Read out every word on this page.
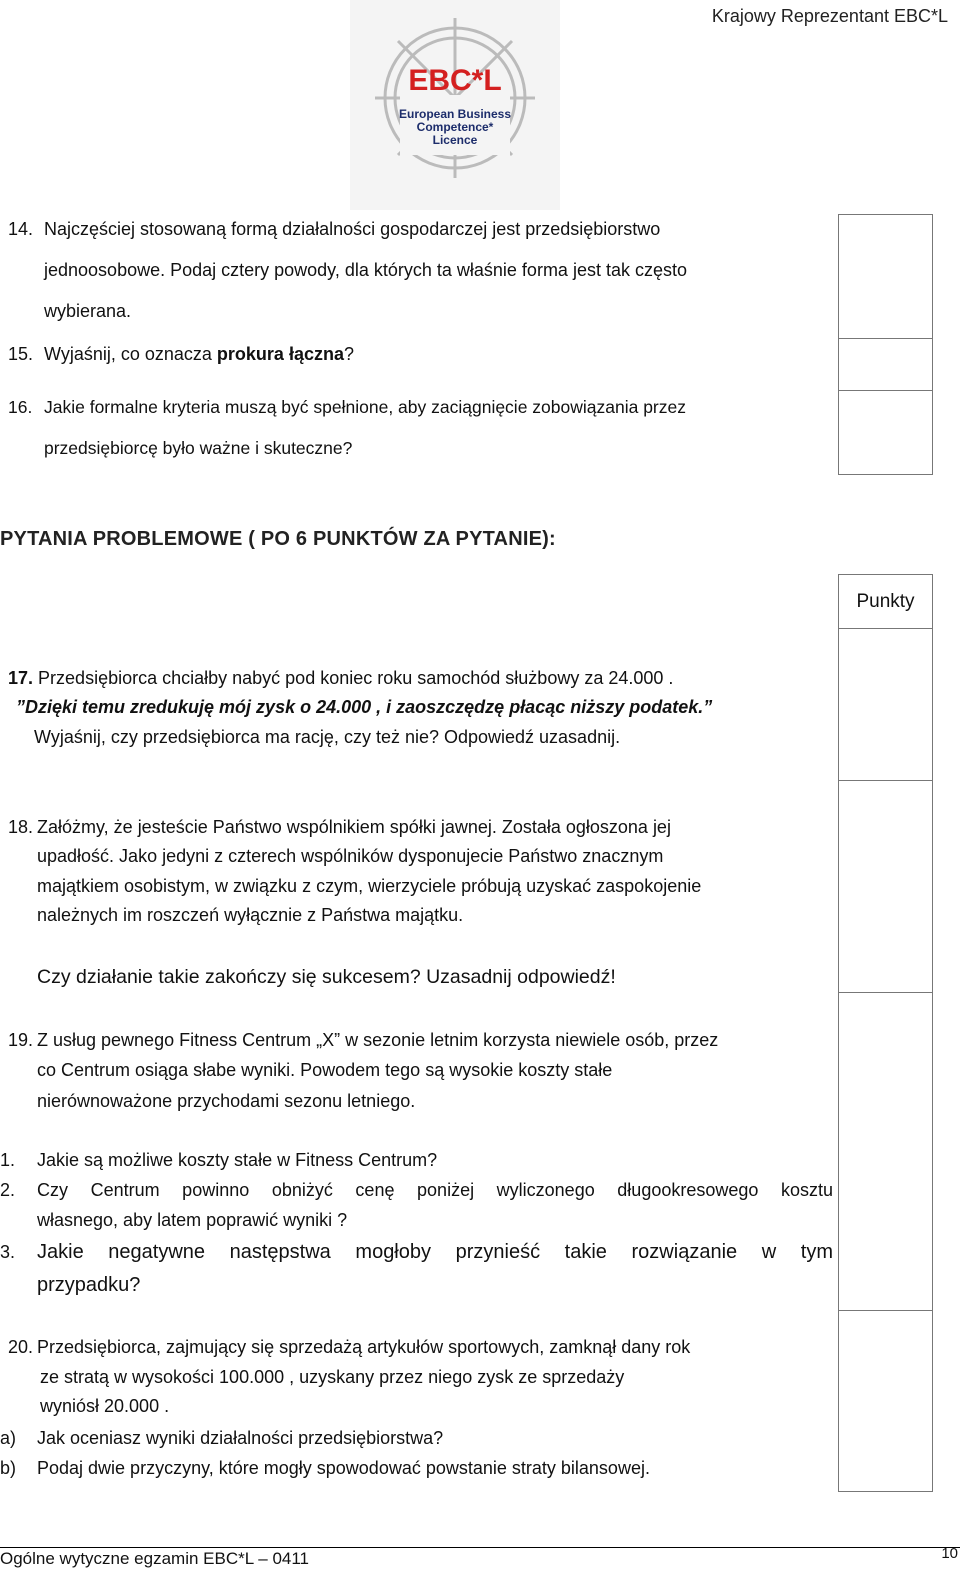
Krajowy Reprezentant EBC*L
EBC*L
European Business
Competence*
Licence
Punkty
14. Najczęściej stosowaną formą działalności gospodarczej jest przedsiębiorstwo
jednoosobowe. Podaj cztery powody, dla których ta właśnie forma jest tak często
wybierana.
15. Wyjaśnij, co oznacza prokura łączna?
16. Jakie formalne kryteria muszą być spełnione, aby zaciągnięcie zobowiązania przez
przedsiębiorcę było ważne i skuteczne?
PYTANIA PROBLEMOWE ( PO 6 PUNKTÓW ZA PYTANIE):
17. Przedsiębiorca chciałby nabyć pod koniec roku samochód służbowy za 24.000 .
”Dzięki temu zredukuję mój zysk o 24.000 , i zaoszczędzę płacąc niższy podatek.”
Wyjaśnij, czy przedsiębiorca ma rację, czy też nie? Odpowiedź uzasadnij.
18. Załóżmy, że jesteście Państwo wspólnikiem spółki jawnej. Została ogłoszona jej
upadłość. Jako jedyni z czterech wspólników dysponujecie Państwo znacznym
majątkiem osobistym, w związku z czym, wierzyciele próbują uzyskać zaspokojenie
należnych im roszczeń wyłącznie z Państwa majątku.
Czy działanie takie zakończy się sukcesem? Uzasadnij odpowiedź!
19. Z usług pewnego Fitness Centrum „X” w sezonie letnim korzysta niewiele osób, przez
co Centrum osiąga słabe wyniki. Powodem tego są wysokie koszty stałe
nierównoważone przychodami sezonu letniego.
1. Jakie są możliwe koszty stałe w Fitness Centrum?
2. Czy Centrum powinno obniżyć cenę poniżej wyliczonego długookresowego kosztu
własnego, aby latem poprawić wyniki ?
3. Jakie negatywne następstwa mogłoby przynieść takie rozwiązanie w tym
przypadku?
20. Przedsiębiorca, zajmujący się sprzedażą artykułów sportowych, zamknął dany rok
ze stratą w wysokości 100.000 , uzyskany przez niego zysk ze sprzedaży
wyniósł 20.000 .
a) Jak oceniasz wyniki działalności przedsiębiorstwa?
b) Podaj dwie przyczyny, które mogły spowodować powstanie straty bilansowej.
Ogólne wytyczne egzamin EBC*L – 0411	10
